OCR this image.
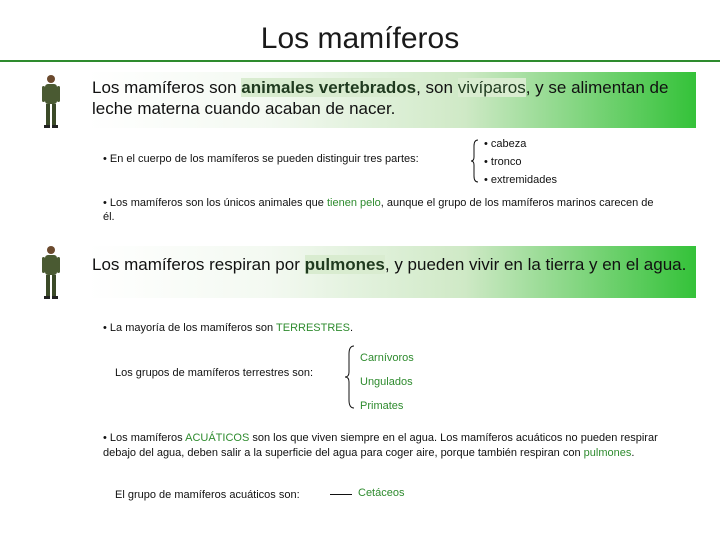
Los mamíferos
Los mamíferos son animales vertebrados, son vivíparos, y se alimentan de leche materna cuando acaban de nacer.
• En el cuerpo de los mamíferos se pueden distinguir tres partes:
• cabeza
• tronco
• extremidades
• Los mamíferos son los únicos animales que tienen pelo, aunque el grupo de los mamíferos marinos carecen de él.
Los mamíferos respiran por pulmones, y pueden vivir en la tierra y en el agua.
• La mayoría de los mamíferos son TERRESTRES.
Los grupos de mamíferos terrestres son:
Carnívoros
Ungulados
Primates
• Los mamíferos ACUÁTICOS son los que viven siempre en el agua. Los mamíferos acuáticos no pueden respirar debajo del agua, deben salir a la superficie del agua para coger aire, porque también respiran con pulmones.
El grupo de mamíferos acuáticos son:	Cetáceos
